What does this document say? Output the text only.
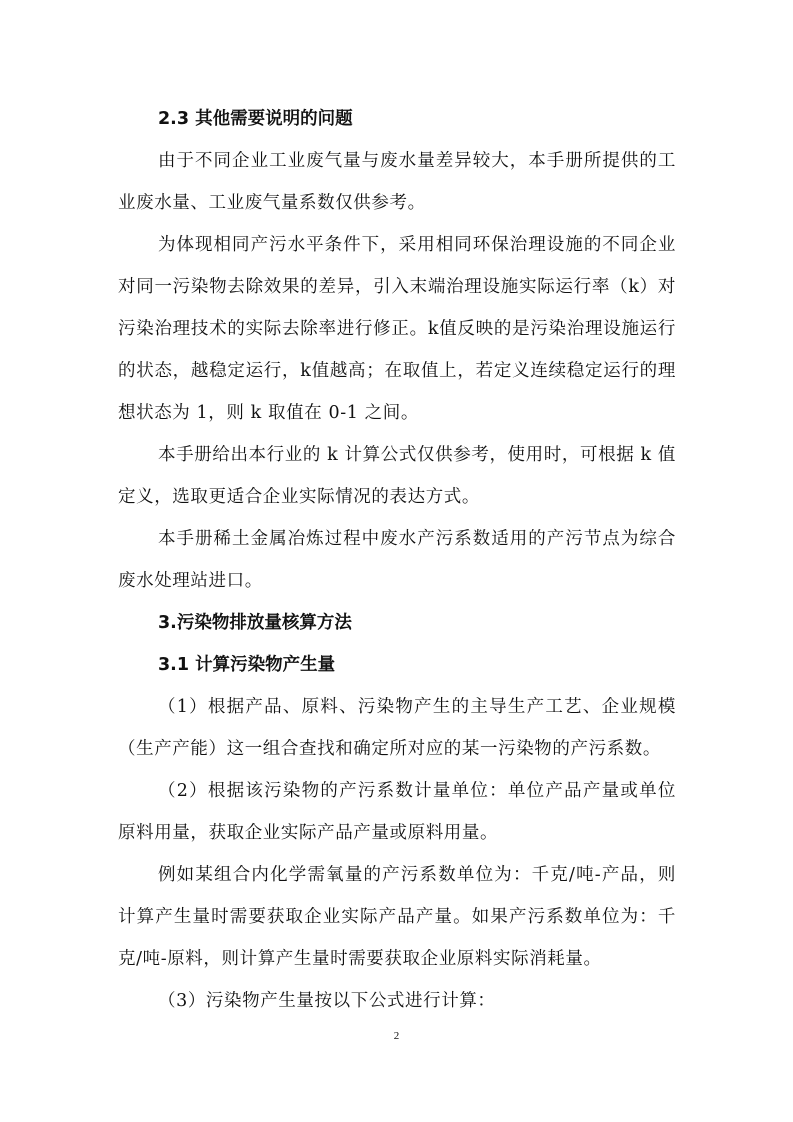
2.3 其他需要说明的问题

由于不同企业工业废气量与废水量差异较大，本手册所提供的工业废水量、工业废气量系数仅供参考。

为体现相同产污水平条件下，采用相同环保治理设施的不同企业对同一污染物去除效果的差异，引入末端治理设施实际运行率（k）对污染治理技术的实际去除率进行修正。k值反映的是污染治理设施运行的状态，越稳定运行，k值越高；在取值上，若定义连续稳定运行的理想状态为 1，则 k 取值在 0-1 之间。

本手册给出本行业的 k 计算公式仅供参考，使用时，可根据 k 值定义，选取更适合企业实际情况的表达方式。

本手册稀土金属冶炼过程中废水产污系数适用的产污节点为综合废水处理站进口。

3.污染物排放量核算方法
3.1 计算污染物产生量

（1）根据产品、原料、污染物产生的主导生产工艺、企业规模（生产产能）这一组合查找和确定所对应的某一污染物的产污系数。

（2）根据该污染物的产污系数计量单位：单位产品产量或单位原料用量，获取企业实际产品产量或原料用量。

例如某组合内化学需氧量的产污系数单位为：千克/吨-产品，则计算产生量时需要获取企业实际产品产量。如果产污系数单位为：千克/吨-原料，则计算产生量时需要获取企业原料实际消耗量。

（3）污染物产生量按以下公式进行计算：

2
